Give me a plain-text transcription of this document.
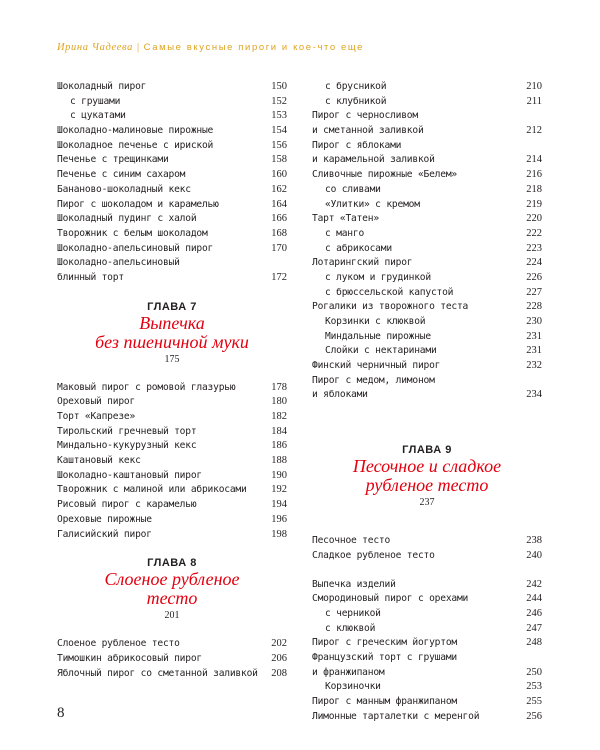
Ирина Чадеева | Самые вкусные пироги и кое-что еще
Шоколадный пирог	150
с грушами	152
с цукатами	153
Шоколадно-малиновые пирожные	154
Шоколадное печенье с ириской	156
Печенье с трещинками	158
Печенье с синим сахаром	160
Бананово-шоколадный кекс	162
Пирог с шоколадом и карамелью	164
Шоколадный пудинг с халой	166
Творожник с белым шоколадом	168
Шоколадно-апельсиновый пирог	170
Шоколадно-апельсиновый
блинный торт	172
ГЛАВА 7
Выпечка
без пшеничной муки
175
Маковый пирог с ромовой глазурью	178
Ореховый пирог	180
Торт «Капрезе»	182
Тирольский гречневый торт	184
Миндально-кукурузный кекс	186
Каштановый кекс	188
Шоколадно-каштановый пирог	190
Творожник с малиной или абрикосами 192
Рисовый пирог с карамелью	194
Ореховые пирожные	196
Галисийский пирог	198
ГЛАВА 8
Слоеное рубленое
тесто
201
Слоеное рубленое тесто	202
Тимошкин абрикосовый пирог	206
Яблочный пирог со сметанной заливкой 208
с брусникой	210
с клубникой	211
Пирог с черносливом
и сметанной заливкой	212
Пирог с яблоками
и карамельной заливкой	214
Сливочные пирожные «Белем»	216
со сливами	218
«Улитки» с кремом	219
Тарт «Татен»	220
с манго	222
с абрикосами	223
Лотарингский пирог	224
с луком и грудинкой	226
с брюссельской капустой	227
Рогалики из творожного теста	228
Корзинки с клюквой	230
Миндальные пирожные	231
Слойки с нектаринами	231
Финский черничный пирог	232
Пирог с медом, лимоном
и яблоками	234
ГЛАВА 9
Песочное и сладкое
рубленое тесто
237
Песочное тесто	238
Сладкое рубленое тесто	240
Выпечка изделий	242
Смородиновый пирог с орехами	244
с черникой	246
с клюквой	247
Пирог с греческим йогуртом	248
Французский торт с грушами
и франжипаном	250
Корзиночки	253
Пирог с манным франжипаном	255
Лимонные тарталетки с меренгой	256
8
